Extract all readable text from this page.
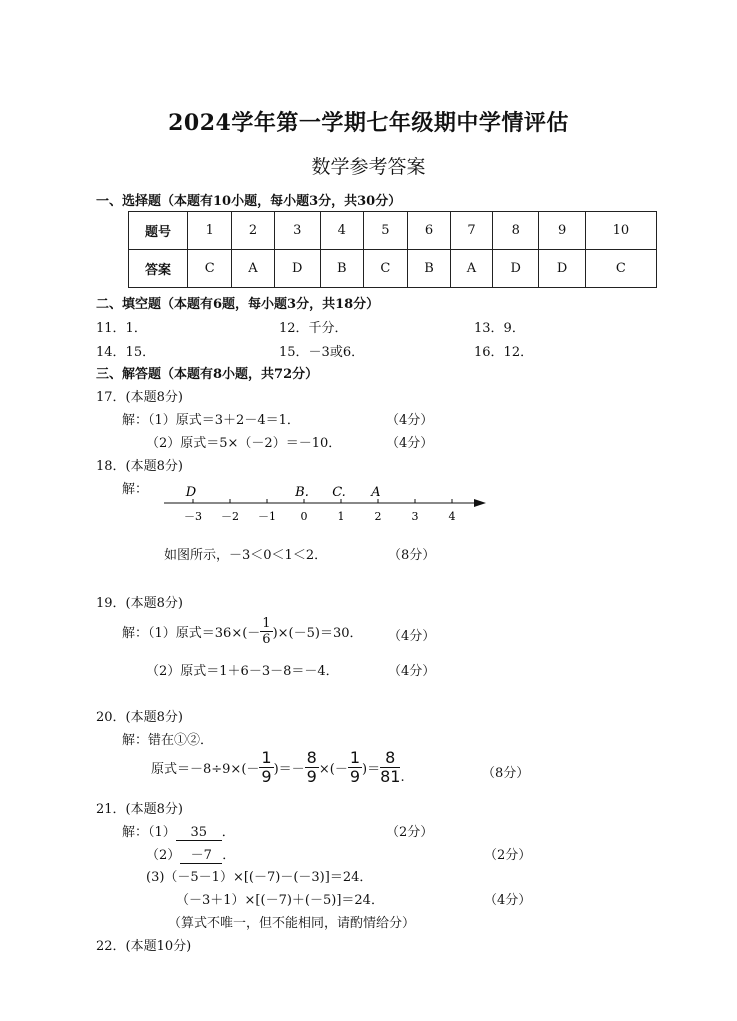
2024学年第一学期七年级期中学情评估
数学参考答案
一、选择题（本题有10小题，每小题3分，共30分）
题号	1	2	3	4	5	6	7	8	9	10
答案	C	A	D	B	C	B	A	D	D	C
二、填空题（本题有6题，每小题3分，共18分）
11．1．	12．千分．	13．9．
14．15．	15．－3或6．	16．12．
三、解答题（本题有8小题，共72分）
17．(本题8分)
解：（1）原式＝3＋2－4＝1．	（4分）
（2）原式＝5×（－2）＝－10．	（4分）
18．(本题8分)
解：
－3 －2 －1 0	1	2	3	4
D	B. C. A
如图所示，－3＜0＜1＜2．	（8分）
19．(本题8分)
解：（1）原式$=36\times(- \frac{1}{6} )\times(-5)=30$． （4分）
（2）原式＝1＋6－3－8＝－4．	（4分）
20．(本题8分)
解：错在①②．
原式$=-8\div 9\times(- \frac{1}{9}$ )＝－ $\frac{8}{9}$ ×(－ $\frac{1}{9}$ )＝ $\frac{8}{81}$ .	（8分）
21．(本题8分)
解：（1） 35 ．	（2分）
（2） －7 ．	（2分）
(3)（－5－1）×[(－7)－(－3)]＝24．
（－3＋1）×[(－7)＋(－5)]＝24．	（4分）
（算式不唯一，但不能相同，请酌情给分）
22．(本题10分)
